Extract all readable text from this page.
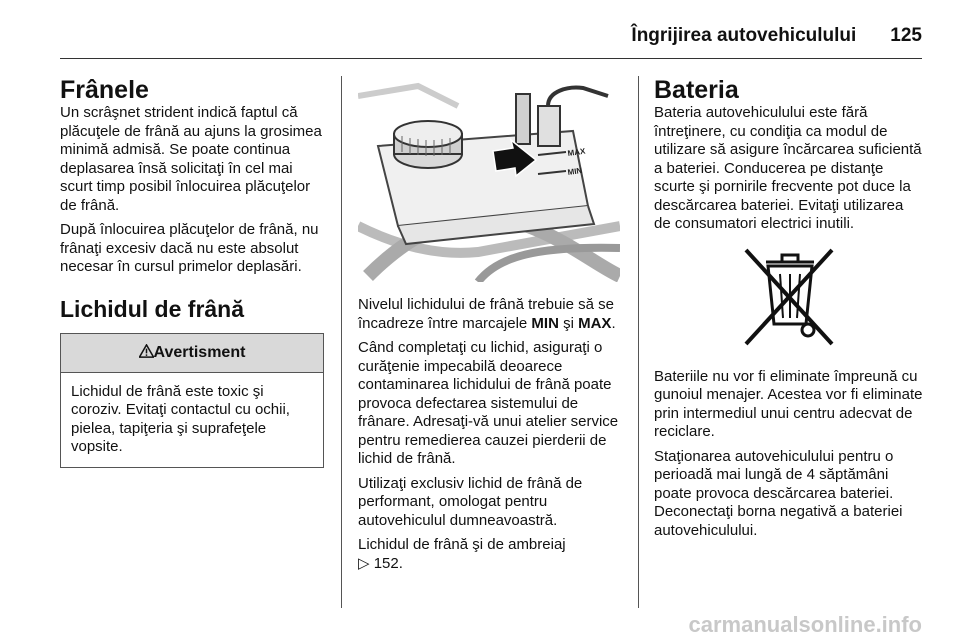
Îngrijirea autovehiculului 125
Frânele

Un scrâşnet strident indică faptul că plăcuţele de frână au ajuns la grosimea minimă admisă. Se poate continua deplasarea însă solicitaţi în cel mai scurt timp posibil înlocuirea plăcuţelor de frână.

După înlocuirea plăcuţelor de frână, nu frânaţi excesiv dacă nu este absolut necesar în cursul primelor deplasări.

Lichidul de frână
Avertisment
Lichidul de frână este toxic şi coroziv. Evitaţi contactul cu ochii, pielea, tapiţeria şi suprafeţele vopsite.
MAX
MIN

Nivelul lichidului de frână trebuie să se încadreze între marcajele MIN şi MAX.

Când completaţi cu lichid, asiguraţi o curăţenie impecabilă deoarece contaminarea lichidului de frână poate provoca defectarea sistemului de frânare. Adresaţi-vă unui atelier service pentru remedierea cauzei pierderii de lichid de frână.

Utilizaţi exclusiv lichid de frână de performant, omologat pentru autovehiculul dumneavoastră.

Lichidul de frână şi de ambreiaj
▷ 152.

Bateria

Bateria autovehiculului este fără întreţinere, cu condiţia ca modul de utilizare să asigure încărcarea suficientă a bateriei. Conducerea pe distanţe scurte şi pornirile frecvente pot duce la descărcarea bateriei. Evitaţi utilizarea de consumatori electrici inutili.

Bateriile nu vor fi eliminate împreună cu gunoiul menajer. Acestea vor fi eliminate prin intermediul unui centru adecvat de reciclare.

Staţionarea autovehiculului pentru o perioadă mai lungă de 4 săptămâni poate provoca descărcarea bateriei. Deconectaţi borna negativă a bateriei autovehiculului.

carmanualsonline.info
